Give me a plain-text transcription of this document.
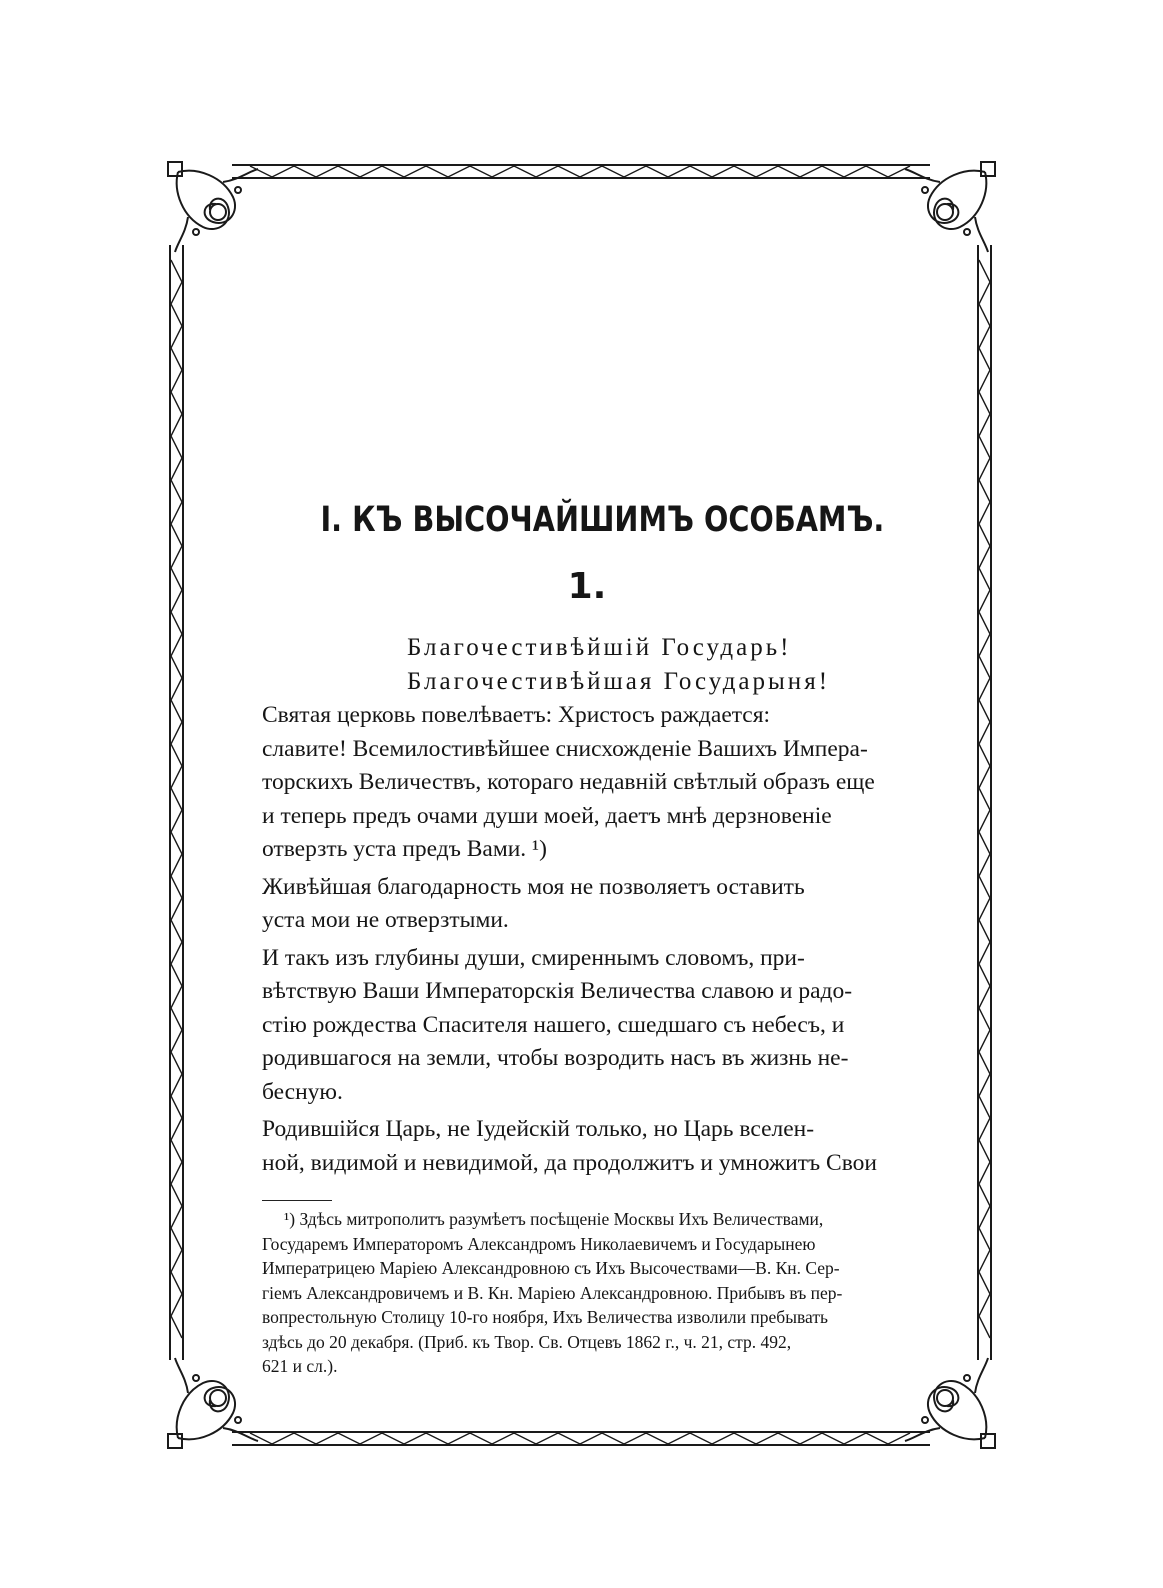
I. КЪ ВЫСОЧАЙШИМЪ ОСОБАМЪ.
1.

Благочестивѣйшій Государь!

Благочестивѣйшая Государыня!

Святая церковь повелѣваетъ: Христосъ раждается:
славите! Всемилостивѣйшее снисхожденіе Вашихъ Импера-
торскихъ Величествъ, котораго недавній свѣтлый образъ еще
и теперь предъ очами души моей, даетъ мнѣ дерзновеніе
отверзть уста предъ Вами. ¹)
Живѣйшая благодарность моя не позволяетъ оставить
уста мои не отверзтыми.
И такъ изъ глубины души, смиреннымъ словомъ, при-
вѣтствую Ваши Императорскія Величества славою и радо-
стію рождества Спасителя нашего, сшедшаго съ небесъ, и
родившагося на земли, чтобы возродить насъ въ жизнь не-
бесную.
Родившійся Царь, не Іудейскій только, но Царь вселен-
ной, видимой и невидимой, да продолжитъ и умножитъ Свои
¹) Здѣсь митрополитъ разумѣетъ посѣщеніе Москвы Ихъ Величествами,
Государемъ Императоромъ Александромъ Николаевичемъ и Государынею
Императрицею Маріею Александровною съ Ихъ Высочествами—В. Кн. Сер-
гіемъ Александровичемъ и В. Кн. Маріею Александровною. Прибывъ въ пер-
вопрестольную Столицу 10-го ноября, Ихъ Величества изволили пребывать
здѣсь до 20 декабря. (Приб. къ Твор. Св. Отцевъ 1862 г., ч. 21, стр. 492,
621 и сл.).
